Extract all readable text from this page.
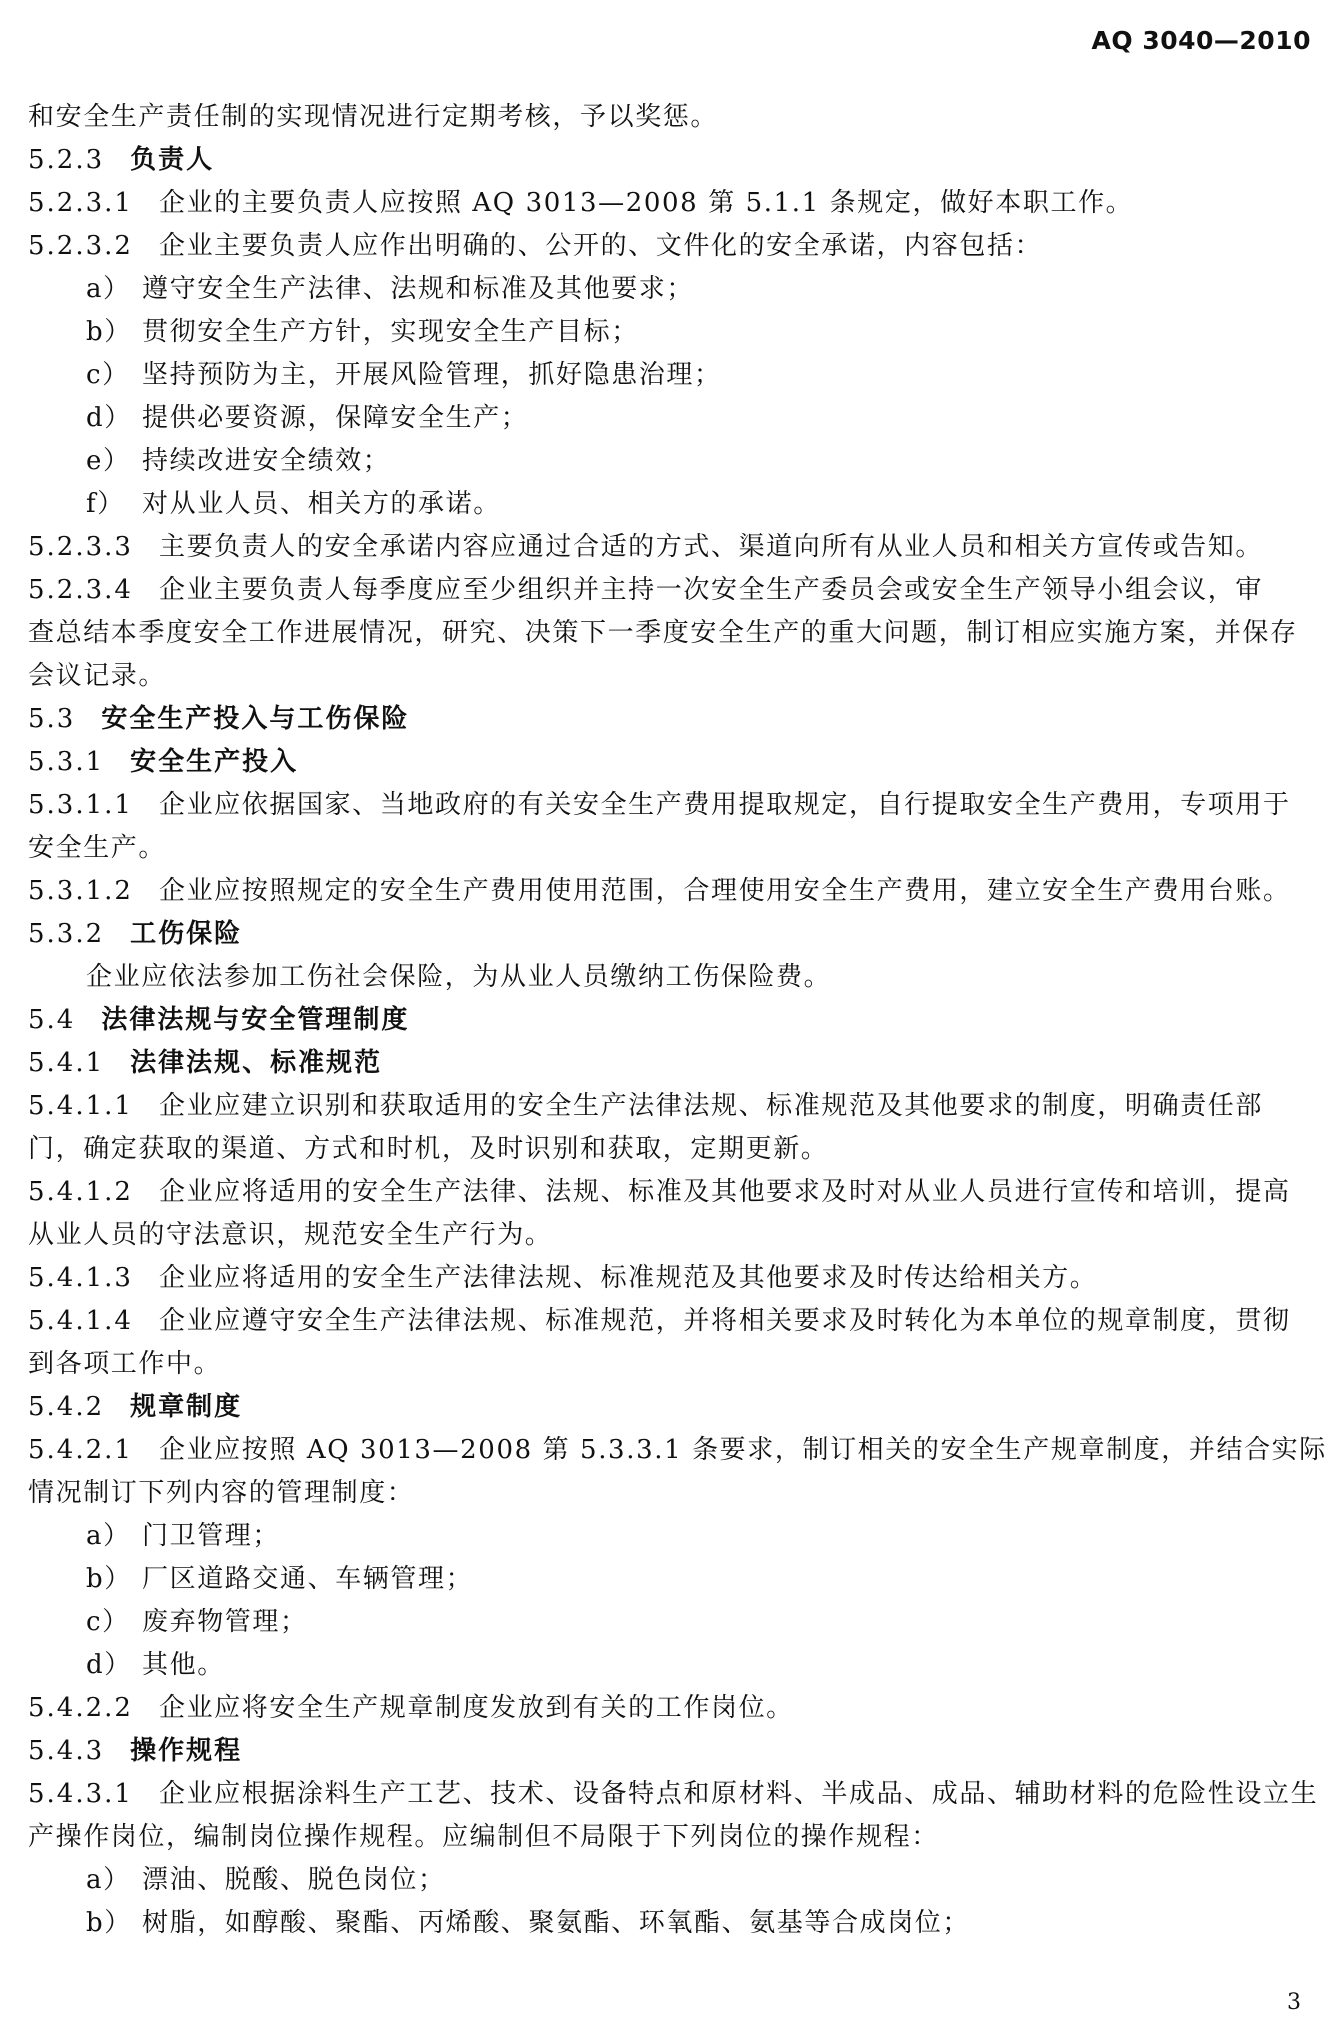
AQ 3040—2010
和安全生产责任制的实现情况进行定期考核，予以奖惩。
5.2.3 负责人
5.2.3.1 企业的主要负责人应按照 AQ 3013—2008 第 5.1.1 条规定，做好本职工作。
5.2.3.2 企业主要负责人应作出明确的、公开的、文件化的安全承诺，内容包括：
a） 遵守安全生产法律、法规和标准及其他要求；
b） 贯彻安全生产方针，实现安全生产目标；
c） 坚持预防为主，开展风险管理，抓好隐患治理；
d） 提供必要资源，保障安全生产；
e） 持续改进安全绩效；
f） 对从业人员、相关方的承诺。
5.2.3.3 主要负责人的安全承诺内容应通过合适的方式、渠道向所有从业人员和相关方宣传或告知。
5.2.3.4 企业主要负责人每季度应至少组织并主持一次安全生产委员会或安全生产领导小组会议，审
查总结本季度安全工作进展情况，研究、决策下一季度安全生产的重大问题，制订相应实施方案，并保存
会议记录。
5.3 安全生产投入与工伤保险
5.3.1 安全生产投入
5.3.1.1 企业应依据国家、当地政府的有关安全生产费用提取规定，自行提取安全生产费用，专项用于
安全生产。
5.3.1.2 企业应按照规定的安全生产费用使用范围，合理使用安全生产费用，建立安全生产费用台账。
5.3.2 工伤保险
企业应依法参加工伤社会保险，为从业人员缴纳工伤保险费。
5.4 法律法规与安全管理制度
5.4.1 法律法规、标准规范
5.4.1.1 企业应建立识别和获取适用的安全生产法律法规、标准规范及其他要求的制度，明确责任部
门，确定获取的渠道、方式和时机，及时识别和获取，定期更新。
5.4.1.2 企业应将适用的安全生产法律、法规、标准及其他要求及时对从业人员进行宣传和培训，提高
从业人员的守法意识，规范安全生产行为。
5.4.1.3 企业应将适用的安全生产法律法规、标准规范及其他要求及时传达给相关方。
5.4.1.4 企业应遵守安全生产法律法规、标准规范，并将相关要求及时转化为本单位的规章制度，贯彻
到各项工作中。
5.4.2 规章制度
5.4.2.1 企业应按照 AQ 3013—2008 第 5.3.3.1 条要求，制订相关的安全生产规章制度，并结合实际
情况制订下列内容的管理制度：
a） 门卫管理；
b） 厂区道路交通、车辆管理；
c） 废弃物管理；
d） 其他。
5.4.2.2 企业应将安全生产规章制度发放到有关的工作岗位。
5.4.3 操作规程
5.4.3.1 企业应根据涂料生产工艺、技术、设备特点和原材料、半成品、成品、辅助材料的危险性设立生
产操作岗位，编制岗位操作规程。应编制但不局限于下列岗位的操作规程：
a） 漂油、脱酸、脱色岗位；
b） 树脂，如醇酸、聚酯、丙烯酸、聚氨酯、环氧酯、氨基等合成岗位；
3
